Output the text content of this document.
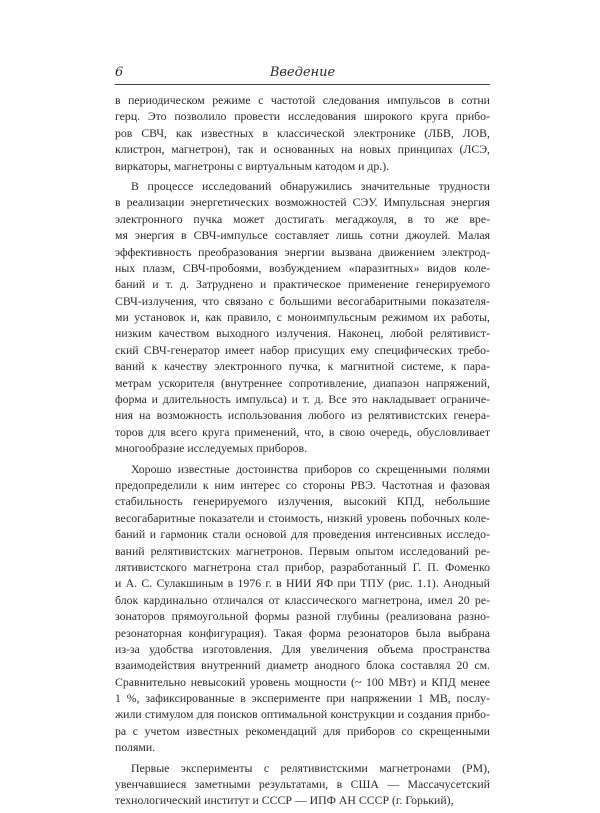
6	Введение
в периодическом режиме с частотой следования импульсов в сотни
герц. Это позволило провести исследования широкого круга прибо-
ров СВЧ, как известных в классической электронике (ЛБВ, ЛОВ,
клистрон, магнетрон), так и основанных на новых принципах (ЛСЭ,
виркаторы, магнетроны с виртуальным катодом и др.).
В процессе исследований обнаружились значительные трудности
в реализации энергетических возможностей СЭУ. Импульсная энергия
электронного пучка может достигать мегаджоуля, в то же вре-
мя энергия в СВЧ-импульсе составляет лишь сотни джоулей. Малая
эффективность преобразования энергии вызвана движением электрод-
ных плазм, СВЧ-пробоями, возбуждением «паразитных» видов коле-
баний и т. д. Затруднено и практическое применение генерируемого
СВЧ-излучения, что связано с большими весогабаритными показателя-
ми установок и, как правило, с моноимпульсным режимом их работы,
низким качеством выходного излучения. Наконец, любой релятивист-
ский СВЧ-генератор имеет набор присущих ему специфических требо-
ваний к качеству электронного пучка, к магнитной системе, к пара-
метрам ускорителя (внутреннее сопротивление, диапазон напряжений,
форма и длительность импульса) и т. д. Все это накладывает ограниче-
ния на возможность использования любого из релятивистских генера-
торов для всего круга применений, что, в свою очередь, обусловливает
многообразие исследуемых приборов.
Хорошо известные достоинства приборов со скрещенными полями
предопределили к ним интерес со стороны РВЭ. Частотная и фазовая
стабильность генерируемого излучения, высокий КПД, небольшие
весогабаритные показатели и стоимость, низкий уровень побочных коле-
баний и гармоник стали основой для проведения интенсивных исследо-
ваний релятивистских магнетронов. Первым опытом исследований ре-
лятивистского магнетрона стал прибор, разработанный Г. П. Фоменко
и А. С. Сулакшиным в 1976 г. в НИИ ЯФ при ТПУ (рис. 1.1). Анодный
блок кардинально отличался от классического магнетрона, имел 20 ре-
зонаторов прямоугольной формы разной глубины (реализована разно-
резонаторная конфигурация). Такая форма резонаторов была выбрана
из-за удобства изготовления. Для увеличения объема пространства
взаимодействия внутренний диаметр анодного блока составлял 20 см.
Сравнительно невысокий уровень мощности (~ 100 МВт) и КПД менее
1 %, зафиксированные в эксперименте при напряжении 1 МВ, послу-
жили стимулом для поисков оптимальной конструкции и создания прибо-
ра с учетом известных рекомендаций для приборов со скрещенными
полями.
Первые эксперименты с релятивистскими магнетронами (РМ),
увенчавшиеся заметными результатами, в США — Массачусетский
технологический институт и СССР — ИПФ АН СССР (г. Горький),
